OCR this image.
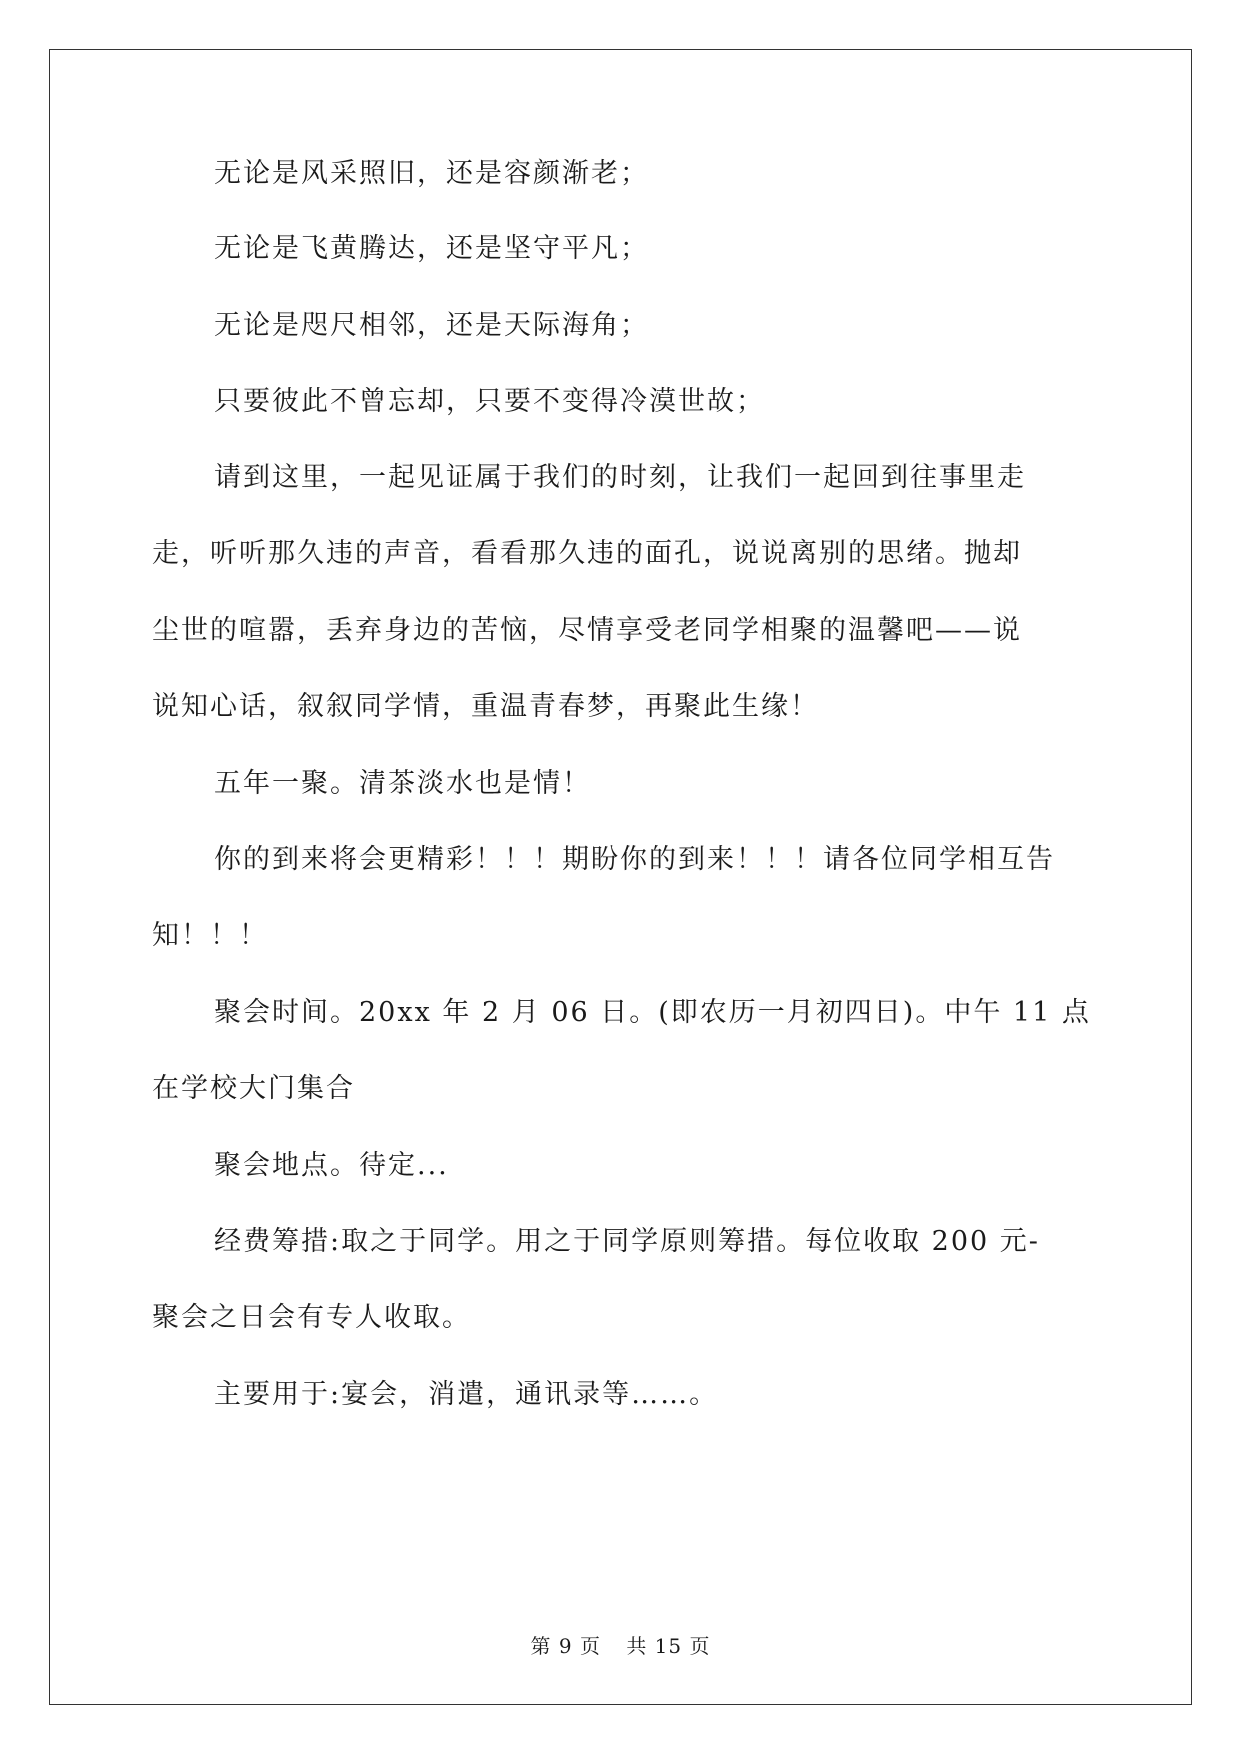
无论是风采照旧，还是容颜渐老；
无论是飞黄腾达，还是坚守平凡；
无论是咫尺相邻，还是天际海角；
只要彼此不曾忘却，只要不变得冷漠世故；
请到这里，一起见证属于我们的时刻，让我们一起回到往事里走
走，听听那久违的声音，看看那久违的面孔，说说离别的思绪。抛却
尘世的喧嚣，丢弃身边的苦恼，尽情享受老同学相聚的温馨吧——说
说知心话，叙叙同学情，重温青春梦，再聚此生缘！
五年一聚。清茶淡水也是情！
你的到来将会更精彩！！！期盼你的到来！！！请各位同学相互告
知！！！
聚会时间。20xx 年 2 月 06 日。(即农历一月初四日)。中午 11 点
在学校大门集合
聚会地点。待定...
经费筹措:取之于同学。用之于同学原则筹措。每位收取 200 元-
聚会之日会有专人收取。
主要用于:宴会，消遣，通讯录等……。
第 9 页 共 15 页
